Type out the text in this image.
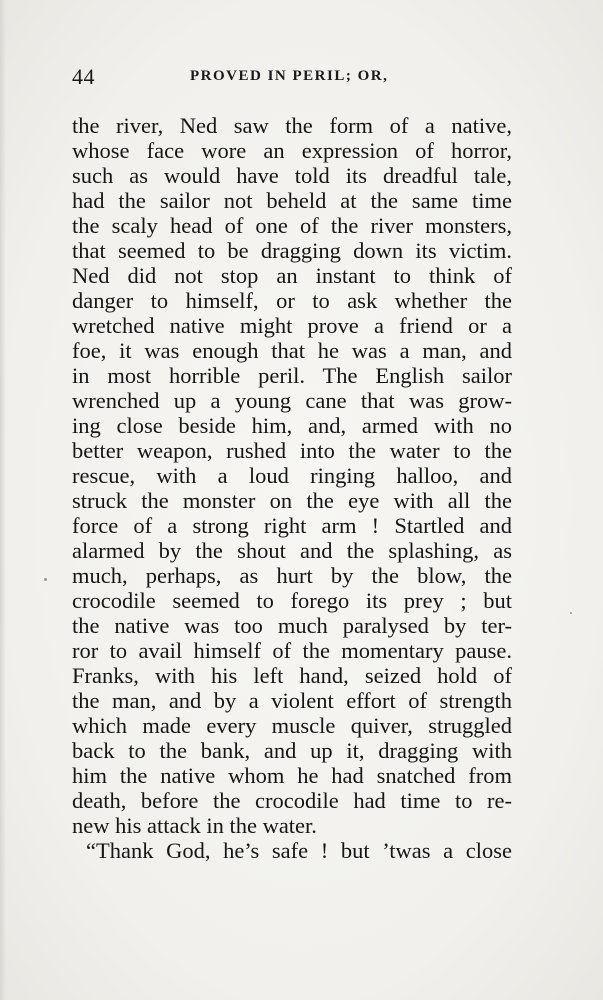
44	PROVED IN PERIL; OR,
the river, Ned saw the form of a native,
whose face wore an expression of horror,
such as would have told its dreadful tale,
had the sailor not beheld at the same time
the scaly head of one of the river monsters,
that seemed to be dragging down its victim.
Ned did not stop an instant to think of
danger to himself, or to ask whether the
wretched native might prove a friend or a
foe, it was enough that he was a man, and
in most horrible peril. The English sailor
wrenched up a young cane that was grow-
ing close beside him, and, armed with no
better weapon, rushed into the water to the
rescue, with a loud ringing halloo, and
struck the monster on the eye with all the
force of a strong right arm ! Startled and
alarmed by the shout and the splashing, as
much, perhaps, as hurt by the blow, the
crocodile seemed to forego its prey ; but
the native was too much paralysed by ter-
ror to avail himself of the momentary pause.
Franks, with his left hand, seized hold of
the man, and by a violent effort of strength
which made every muscle quiver, struggled
back to the bank, and up it, dragging with
him the native whom he had snatched from
death, before the crocodile had time to re-
new his attack in the water.
“Thank God, he’s safe ! but ’twas a close
